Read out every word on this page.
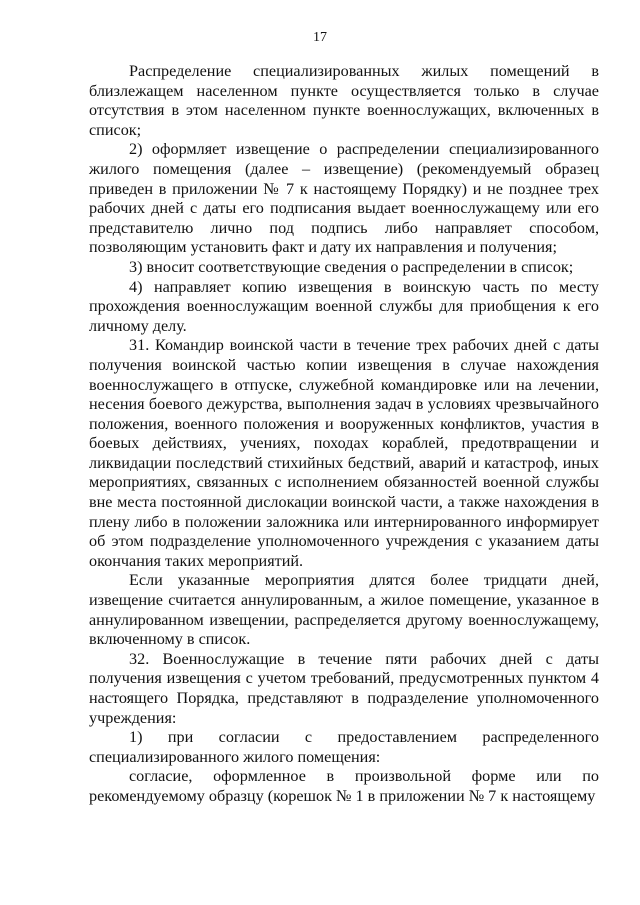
17

Распределение специализированных жилых помещений в близлежащем населенном пункте осуществляется только в случае отсутствия в этом населенном пункте военнослужащих, включенных в список;

2) оформляет извещение о распределении специализированного жилого помещения (далее – извещение) (рекомендуемый образец приведен в приложении № 7 к настоящему Порядку) и не позднее трех рабочих дней с даты его подписания выдает военнослужащему или его представителю лично под подпись либо направляет способом, позволяющим установить факт и дату их направления и получения;

3) вносит соответствующие сведения о распределении в список;

4) направляет копию извещения в воинскую часть по месту прохождения военнослужащим военной службы для приобщения к его личному делу.

31. Командир воинской части в течение трех рабочих дней с даты получения воинской частью копии извещения в случае нахождения военнослужащего в отпуске, служебной командировке или на лечении, несения боевого дежурства, выполнения задач в условиях чрезвычайного положения, военного положения и вооруженных конфликтов, участия в боевых действиях, учениях, походах кораблей, предотвращении и ликвидации последствий стихийных бедствий, аварий и катастроф, иных мероприятиях, связанных с исполнением обязанностей военной службы вне места постоянной дислокации воинской части, а также нахождения в плену либо в положении заложника или интернированного информирует об этом подразделение уполномоченного учреждения с указанием даты окончания таких мероприятий.

Если указанные мероприятия длятся более тридцати дней, извещение считается аннулированным, а жилое помещение, указанное в аннулированном извещении, распределяется другому военнослужащему, включенному в список.

32. Военнослужащие в течение пяти рабочих дней с даты получения извещения с учетом требований, предусмотренных пунктом 4 настоящего Порядка, представляют в подразделение уполномоченного учреждения:

1) при согласии с предоставлением распределенного специализированного жилого помещения:

согласие, оформленное в произвольной форме или по рекомендуемому образцу (корешок № 1 в приложении № 7 к настоящему
